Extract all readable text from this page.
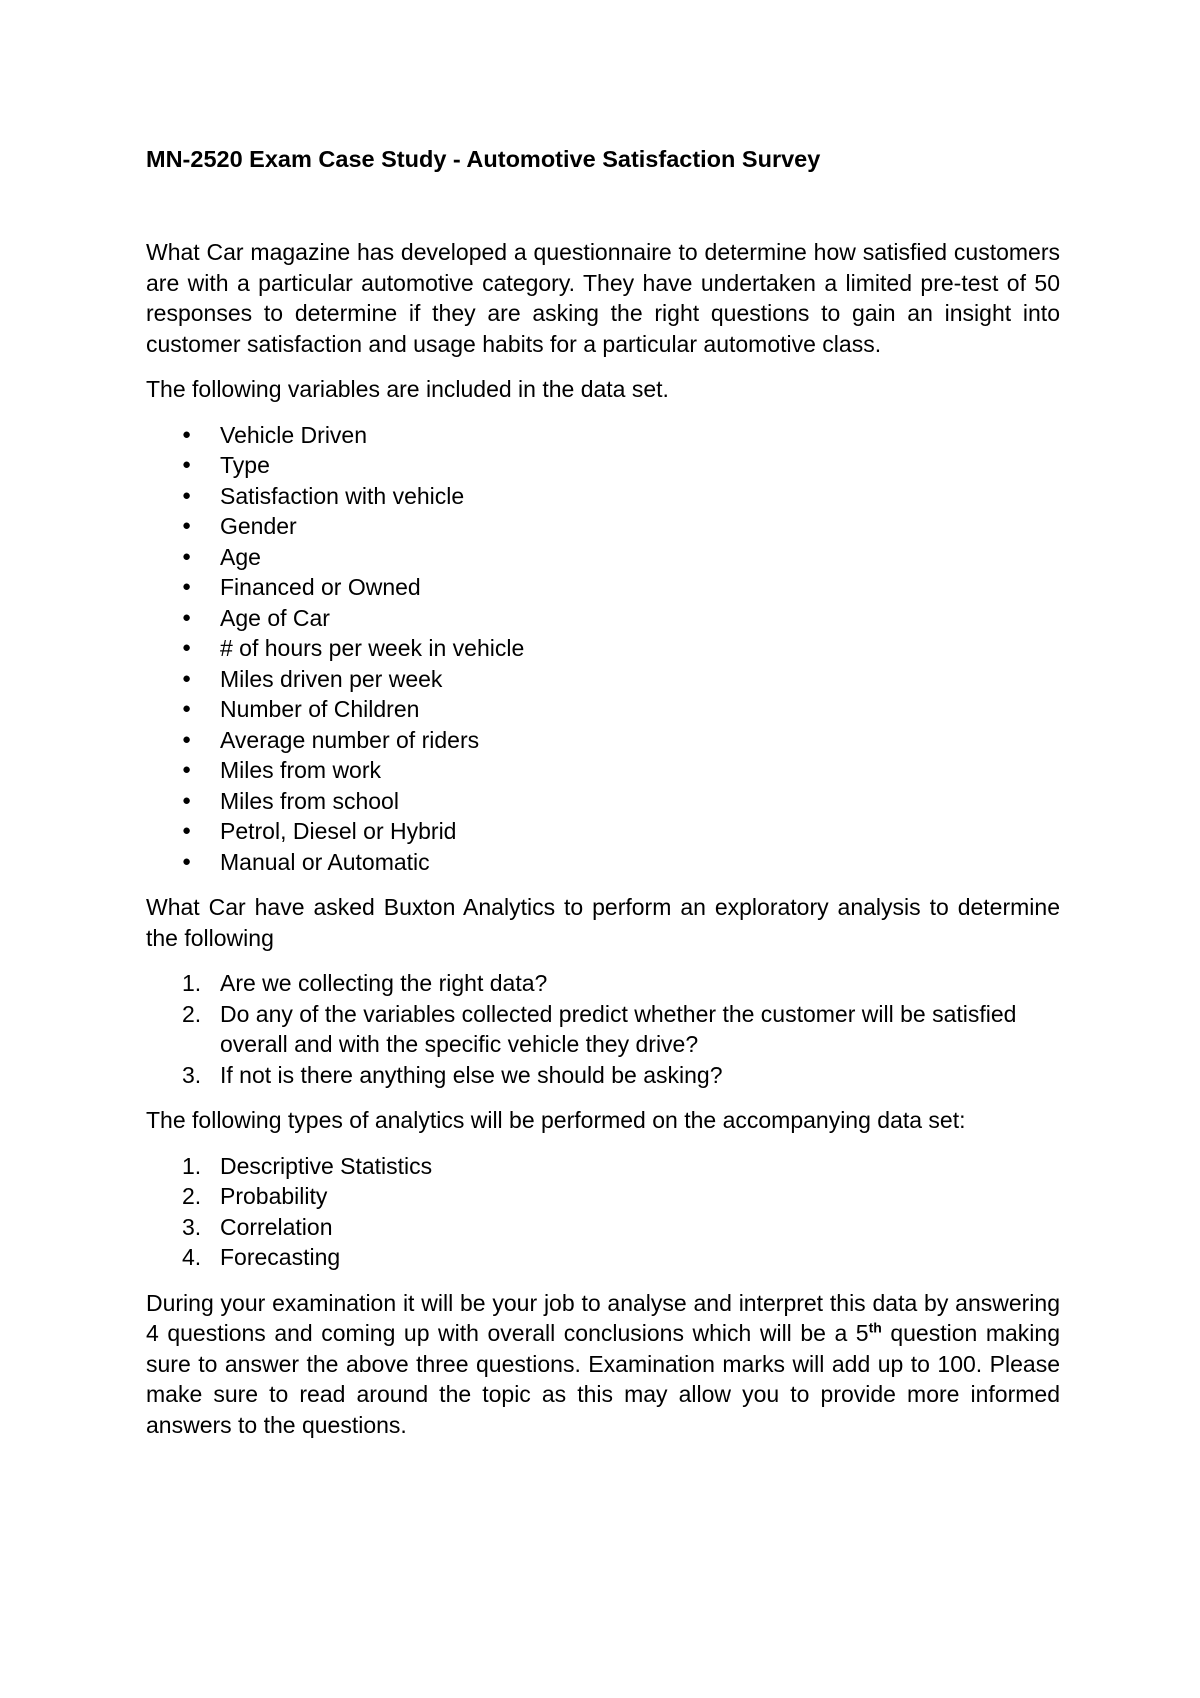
MN-2520 Exam Case Study - Automotive Satisfaction Survey

What Car magazine has developed a questionnaire to determine how satisfied customers are with a particular automotive category. They have undertaken a limited pre-test of 50 responses to determine if they are asking the right questions to gain an insight into customer satisfaction and usage habits for a particular automotive class.

The following variables are included in the data set.

● Vehicle Driven
● Type
● Satisfaction with vehicle
● Gender
● Age
● Financed or Owned
● Age of Car
● # of hours per week in vehicle
● Miles driven per week
● Number of Children
● Average number of riders
● Miles from work
● Miles from school
● Petrol, Diesel or Hybrid
● Manual or Automatic

What Car have asked Buxton Analytics to perform an exploratory analysis to determine the following

1. Are we collecting the right data?
2. Do any of the variables collected predict whether the customer will be satisfied overall and with the specific vehicle they drive?
3. If not is there anything else we should be asking?

The following types of analytics will be performed on the accompanying data set:

1. Descriptive Statistics
2. Probability
3. Correlation
4. Forecasting

During your examination it will be your job to analyse and interpret this data by answering 4 questions and coming up with overall conclusions which will be a 5th question making sure to answer the above three questions. Examination marks will add up to 100. Please make sure to read around the topic as this may allow you to provide more informed answers to the questions.
